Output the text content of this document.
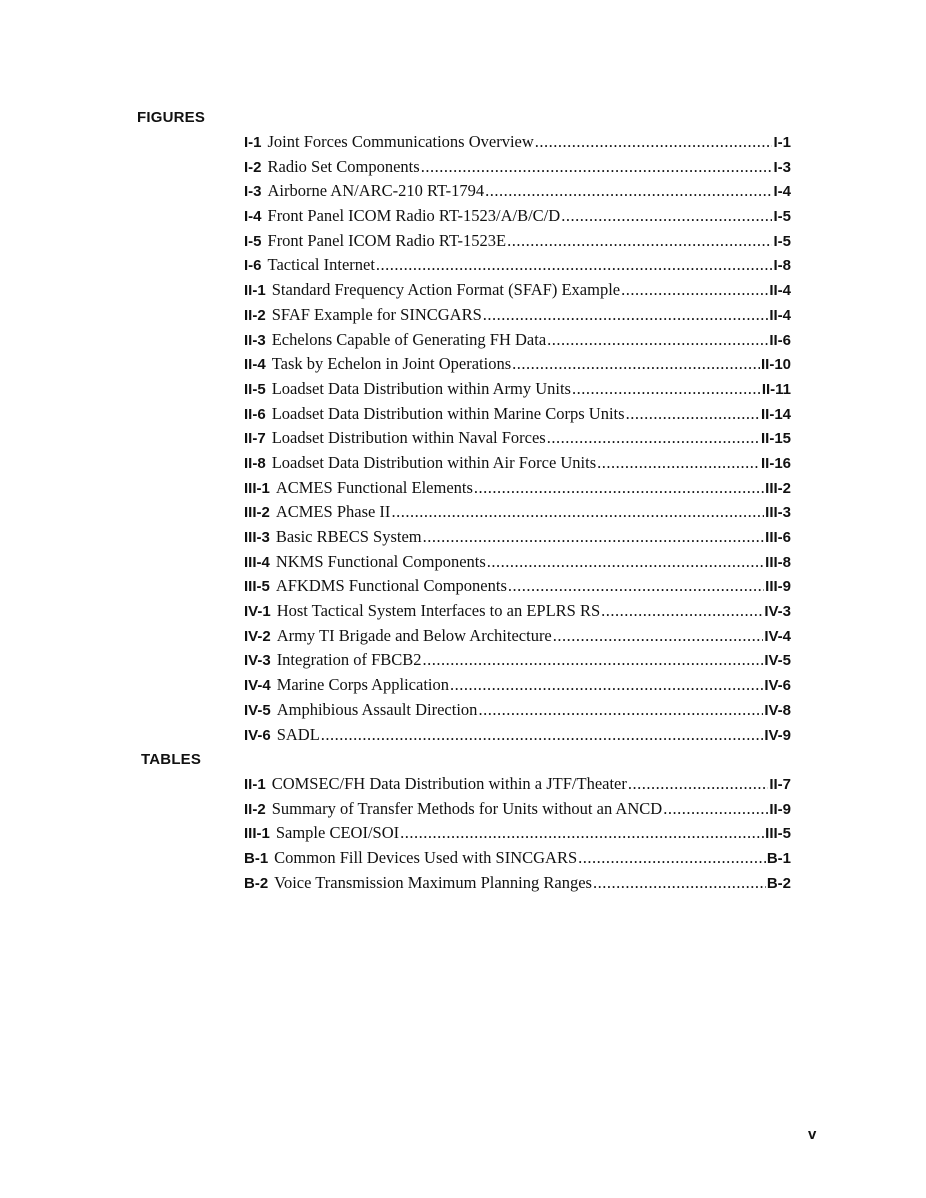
FIGURES
I-1 Joint Forces Communications Overview .....	I-1
I-2 Radio Set Components .....	I-3
I-3 Airborne AN/ARC-210 RT-1794 .....	I-4
I-4 Front Panel ICOM Radio RT-1523/A/B/C/D .....	I-5
I-5 Front Panel ICOM Radio RT-1523E .....	I-5
I-6 Tactical Internet .....	I-8
II-1 Standard Frequency Action Format (SFAF) Example .....	II-4
II-2 SFAF Example for SINCGARS .....	II-4
II-3 Echelons Capable of Generating FH Data .....	II-6
II-4 Task by Echelon in Joint Operations .....	II-10
II-5 Loadset Data Distribution within Army Units .....	II-11
II-6 Loadset Data Distribution within Marine Corps Units .....	II-14
II-7 Loadset Distribution within Naval Forces .....	II-15
II-8 Loadset Data Distribution within Air Force Units .....	II-16
III-1 ACMES Functional Elements .....	III-2
III-2 ACMES Phase II .....	III-3
III-3 Basic RBECS System .....	III-6
III-4 NKMS Functional Components .....	III-8
III-5 AFKDMS Functional Components .....	III-9
IV-1 Host Tactical System Interfaces to an EPLRS RS .....	IV-3
IV-2 Army TI Brigade and Below Architecture .....	IV-4
IV-3 Integration of FBCB2 .....	IV-5
IV-4 Marine Corps Application .....	IV-6
IV-5 Amphibious Assault Direction .....	IV-8
IV-6 SADL .....	IV-9
TABLES
II-1 COMSEC/FH Data Distribution within a JTF/Theater .....	II-7
II-2 Summary of Transfer Methods for Units without an ANCD .....	II-9
III-1 Sample CEOI/SOI .....	III-5
B-1 Common Fill Devices Used with SINCGARS .....	B-1
B-2 Voice Transmission Maximum Planning Ranges .....	B-2
v
